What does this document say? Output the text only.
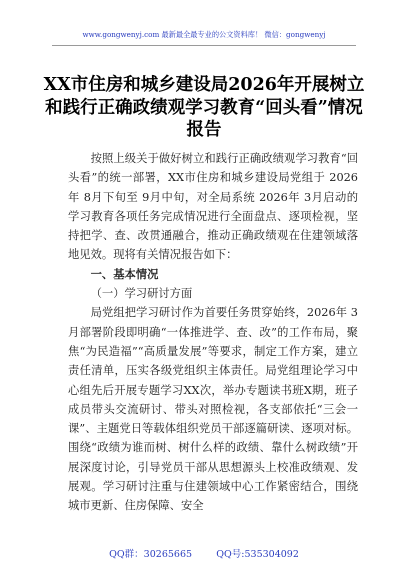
www.gongwenyj.com 最新最全最专业的公文资料库！ 微信：gongwenyj
XX市住房和城乡建设局2026年开展树立和践行正确政绩观学习教育“回头看”情况报告

按照上级关于做好树立和践行正确政绩观学习教育“回头看”的统一部署，XX市住房和城乡建设局党组于 2026年 8月下旬至 9月中旬，对全局系统 2026年 3月启动的学习教育各项任务完成情况进行全面盘点、逐项检视，坚持把学、查、改贯通融合，推动正确政绩观在住建领域落地见效。现将有关情况报告如下：

一、基本情况
（一）学习研讨方面

局党组把学习研讨作为首要任务贯穿始终，2026年 3月部署阶段即明确“一体推进学、查、改”的工作布局，聚焦“为民造福”“高质量发展”等要求，制定工作方案，建立责任清单，压实各级党组织主体责任。局党组理论学习中心组先后开展专题学习XX次，举办专题读书班X期，班子成员带头交流研讨、带头对照检视，各支部依托“三会一课”、主题党日等载体组织党员干部逐篇研读、逐项对标。围绕“政绩为谁而树、树什么样的政绩、靠什么树政绩”开展深度讨论，引导党员干部从思想源头上校准政绩观、发展观。学习研讨注重与住建领域中心工作紧密结合，围绕城市更新、住房保障、安全

QQ群：30265665        QQ号:535304092
